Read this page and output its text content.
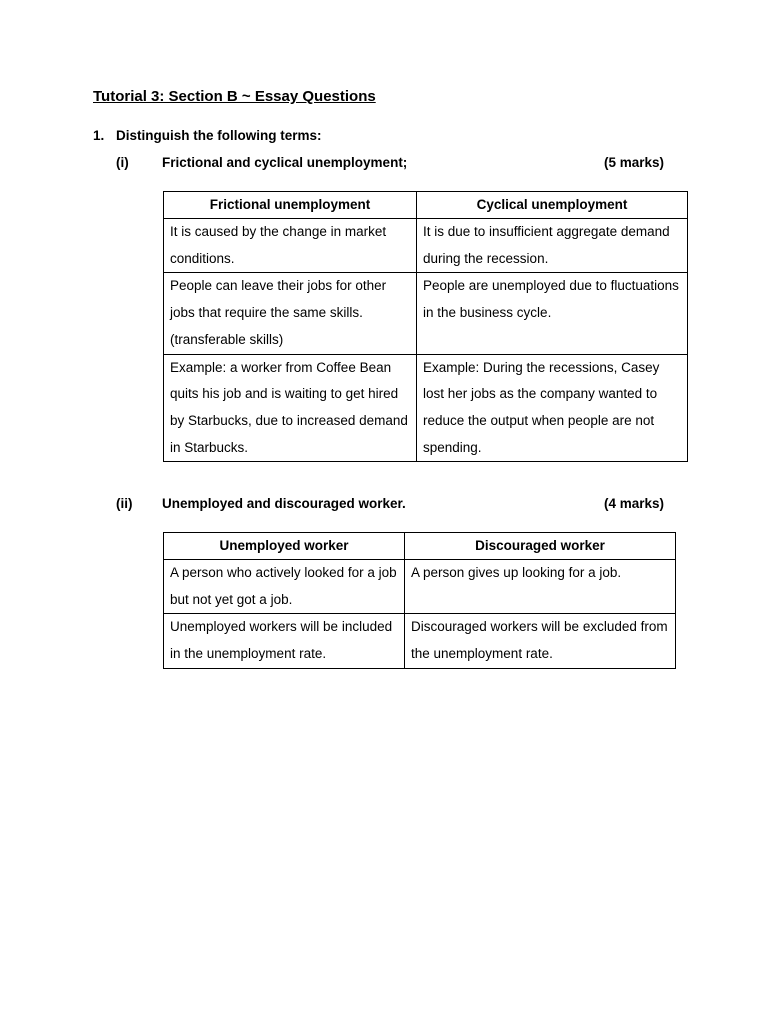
Tutorial 3: Section B ~ Essay Questions
1. Distinguish the following terms:
(i) Frictional and cyclical unemployment;	(5 marks)
Frictional unemployment	Cyclical unemployment
It is caused by the change in market conditions.	It is due to insufficient aggregate demand during the recession.
People can leave their jobs for other jobs that require the same skills. (transferable skills)	People are unemployed due to fluctuations in the business cycle.
Example: a worker from Coffee Bean quits his job and is waiting to get hired by Starbucks, due to increased demand in Starbucks.	Example: During the recessions, Casey lost her jobs as the company wanted to reduce the output when people are not spending.
(ii) Unemployed and discouraged worker.	(4 marks)
Unemployed worker	Discouraged worker
A person who actively looked for a job but not yet got a job.	A person gives up looking for a job.
Unemployed workers will be included in the unemployment rate.	Discouraged workers will be excluded from the unemployment rate.
